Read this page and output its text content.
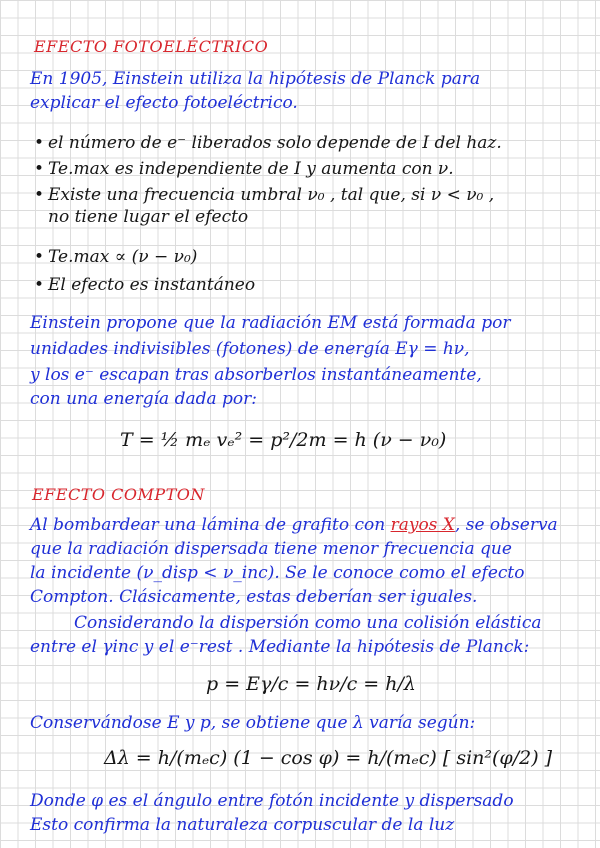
EFECTO FOTOELÉCTRICO
En 1905, Einstein utiliza la hipótesis de Planck para
explicar el efecto fotoeléctrico.
• el número de e⁻ liberados solo depende de I del haz.
• Te.max es independiente de I y aumenta con ν.
• Existe una frecuencia umbral ν₀ , tal que, si ν < ν₀ ,
no tiene lugar el efecto
• Te.max ∝ (ν − ν₀)
• El efecto es instantáneo
Einstein propone que la radiación EM está formada por
unidades indivisibles (fotones) de energía Eγ = hν,
y los e⁻ escapan tras absorberlos instantáneamente,
con una energía dada por:
T = ½ mₑ vₑ² = p²/2m = h (ν − ν₀)
EFECTO COMPTON
Al bombardear una lámina de grafito con rayos X, se observa
que la radiación dispersada tiene menor frecuencia que
la incidente (ν_disp < ν_inc). Se le conoce como el efecto
Compton. Clásicamente, estas deberían ser iguales.
Considerando la dispersión como una colisión elástica
entre el γinc y el e⁻rest . Mediante la hipótesis de Planck:
p = Eγ/c = hν/c = h/λ
Conservándose E y p, se obtiene que λ varía según:
Δλ = h/(mₑc) (1 − cos φ) = h/(mₑc) [ sin²(φ/2) ]
Donde φ es el ángulo entre fotón incidente y dispersado
Esto confirma la naturaleza corpuscular de la luz
